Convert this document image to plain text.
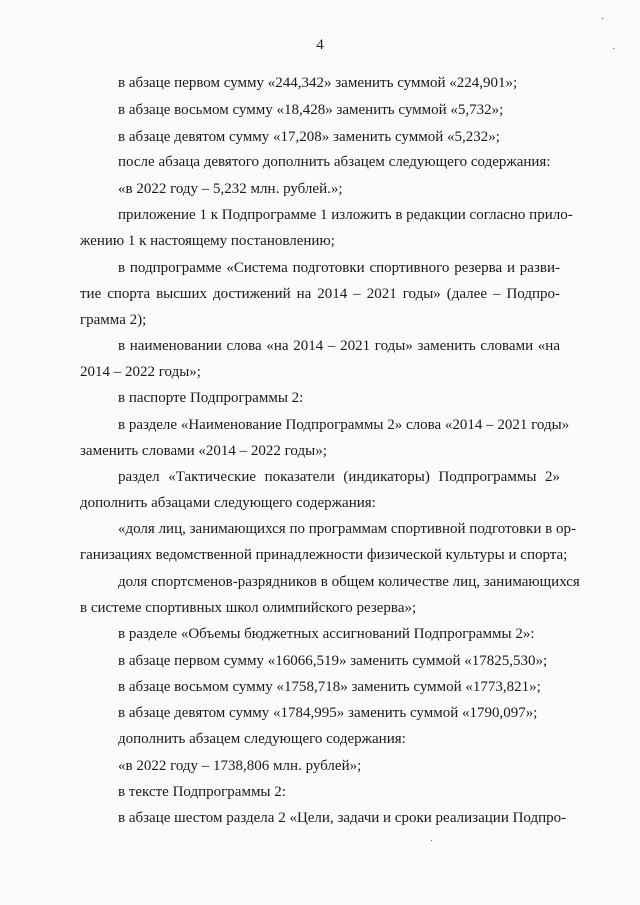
4
в абзаце первом сумму «244,342» заменить суммой «224,901»;
в абзаце восьмом сумму «18,428» заменить суммой «5,732»;
в абзаце девятом сумму «17,208» заменить суммой «5,232»;
после абзаца девятого дополнить абзацем следующего содержания:
«в 2022 году – 5,232 млн. рублей.»;
приложение 1 к Подпрограмме 1 изложить в редакции согласно прило-
жению 1 к настоящему постановлению;
в подпрограмме «Система подготовки спортивного резерва и разви-
тие спорта высших достижений на 2014 – 2021 годы» (далее – Подпро-
грамма 2);
в наименовании слова «на 2014 – 2021 годы» заменить словами «на
2014 – 2022 годы»;
в паспорте Подпрограммы 2:
в разделе «Наименование Подпрограммы 2» слова «2014 – 2021 годы»
заменить словами «2014 – 2022 годы»;
раздел «Тактические показатели (индикаторы) Подпрограммы 2»
дополнить абзацами следующего содержания:
«доля лиц, занимающихся по программам спортивной подготовки в ор-
ганизациях ведомственной принадлежности физической культуры и спорта;
доля спортсменов-разрядников в общем количестве лиц, занимающихся
в системе спортивных школ олимпийского резерва»;
в разделе «Объемы бюджетных ассигнований Подпрограммы 2»:
в абзаце первом сумму «16066,519» заменить суммой «17825,530»;
в абзаце восьмом сумму «1758,718» заменить суммой «1773,821»;
в абзаце девятом сумму «1784,995» заменить суммой «1790,097»;
дополнить абзацем следующего содержания:
«в 2022 году – 1738,806 млн. рублей»;
в тексте Подпрограммы 2:
в абзаце шестом раздела 2 «Цели, задачи и сроки реализации Подпро-
·
·
·
